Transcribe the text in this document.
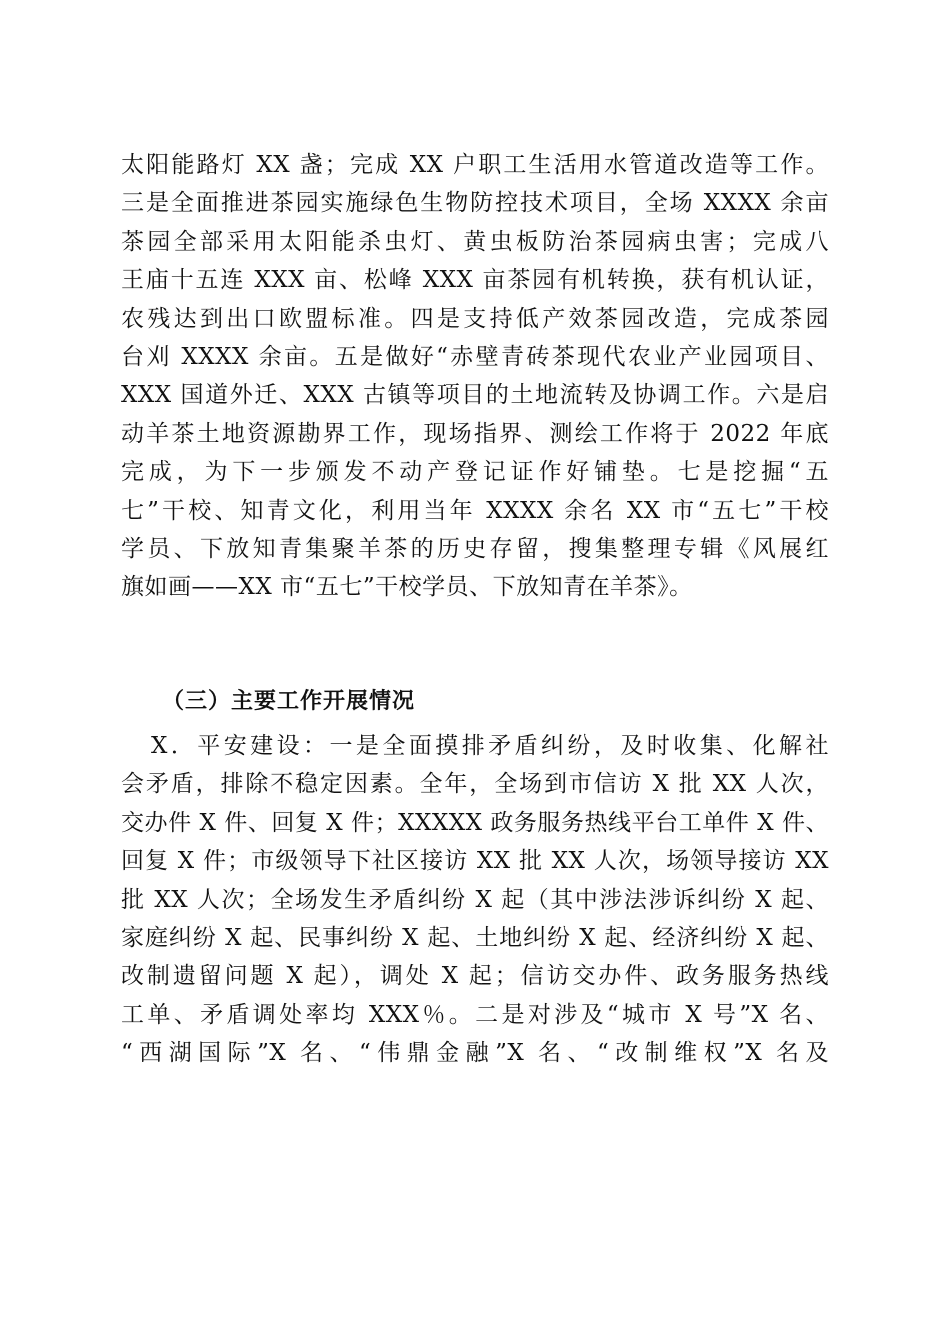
太阳能路灯 XX 盏；完成 XX 户职工生活用水管道改造等工作。
三是全面推进茶园实施绿色生物防控技术项目，全场 XXXX 余亩
茶园全部采用太阳能杀虫灯、黄虫板防治茶园病虫害；完成八
王庙十五连 XXX 亩、松峰 XXX 亩茶园有机转换，获有机认证，
农残达到出口欧盟标准。四是支持低产效茶园改造，完成茶园
台刈 XXXX 余亩。五是做好“赤壁青砖茶现代农业产业园项目、
XXX 国道外迁、XXX 古镇等项目的土地流转及协调工作。六是启
动羊茶土地资源勘界工作，现场指界、测绘工作将于 2022 年底
完成，为下一步颁发不动产登记证作好铺垫。七是挖掘“五
七”干校、知青文化，利用当年 XXXX 余名 XX 市“五七”干校
学员、下放知青集聚羊茶的历史存留，搜集整理专辑《风展红
旗如画——XX 市“五七”干校学员、下放知青在羊茶》。
（三）主要工作开展情况
X．平安建设：一是全面摸排矛盾纠纷，及时收集、化解社
会矛盾，排除不稳定因素。全年，全场到市信访 X 批 XX 人次，
交办件 X 件、回复 X 件；XXXXX 政务服务热线平台工单件 X 件、
回复 X 件；市级领导下社区接访 XX 批 XX 人次，场领导接访 XX
批 XX 人次；全场发生矛盾纠纷 X 起（其中涉法涉诉纠纷 X 起、
家庭纠纷 X 起、民事纠纷 X 起、土地纠纷 X 起、经济纠纷 X 起、
改制遗留问题 X 起），调处 X 起；信访交办件、政务服务热线
工单、矛盾调处率均 XXX％。二是对涉及“城市 X 号”X 名、
“西湖国际”X 名、“伟鼎金融”X 名、“改制维权”X 名及
